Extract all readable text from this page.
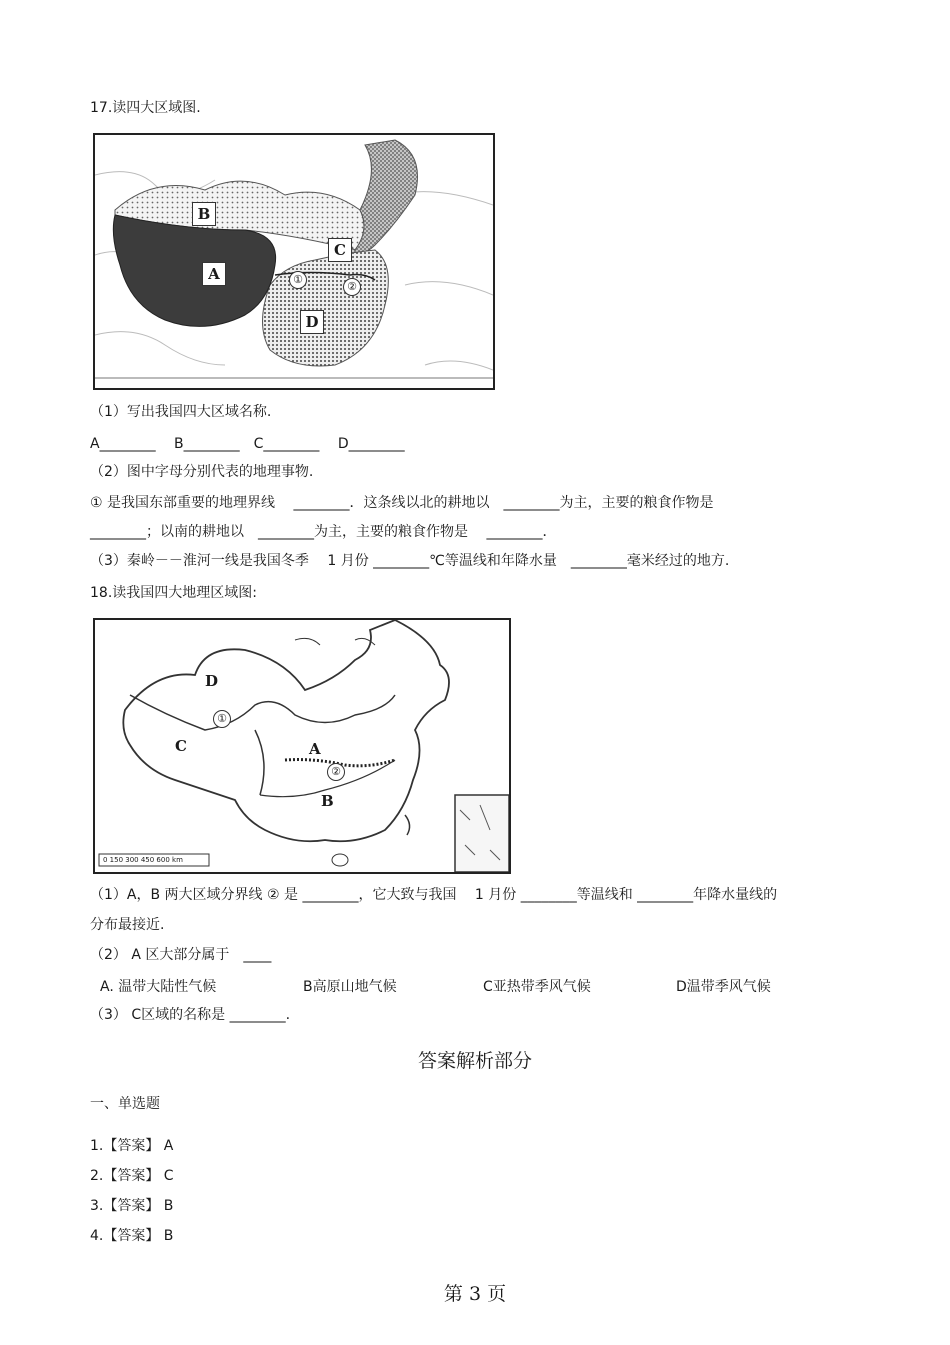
17.读四大区域图.
B
A
C
D
①
②
（1）写出我国四大区域名称.
A________　 B________　C________　 D________
（2）图中字母分别代表的地理事物.
① 是我国东部重要的地理界线　 ________．这条线以北的耕地以　________为主，主要的粮食作物是
________；以南的耕地以　________为主，主要的粮食作物是　 ________．
（3）秦岭－－淮河一线是我国冬季　 1 月份 ________℃等温线和年降水量　________毫米经过的地方.
18.读我国四大地理区域图:
D
C	A
B
①
②
0 150 300 450 600 km
（1）A，B 两大区域分界线 ② 是 ________，它大致与我国　 1 月份 ________等温线和 ________年降水量线的
分布最接近.
（2） A 区大部分属于　____
A. 温带大陆性气候	B高原山地气候	C亚热带季风气候	D温带季风气候
（3） C区域的名称是 ________.
答案解析部分
一、单选题
1.【答案】 A
2.【答案】 C
3.【答案】 B
4.【答案】 B
第 3 页
